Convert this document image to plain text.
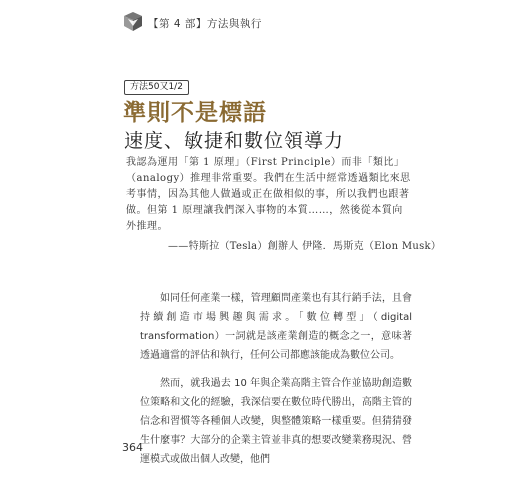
【第 4 部】方法與執行
方法50又1/2
準則不是標語
速度、敏捷和數位領導力
我認為運用「第 1 原理」（First Principle）而非「類比」（analogy）推理非常重要。我們在生活中經常透過類比來思考事情，因為其他人做過或正在做相似的事，所以我們也跟著做。但第 1 原理讓我們深入事物的本質……，然後從本質向外推理。
——特斯拉（Tesla）創辦人 伊隆．馬斯克（Elon Musk）
如同任何產業一樣，管理顧問產業也有其行銷手法，且會持續創造市場興趣與需求。「數位轉型」（digital transformation）一詞就是該產業創造的概念之一，意味著透過適當的評估和執行，任何公司都應該能成為數位公司。
然而，就我過去 10 年與企業高階主管合作並協助創造數位策略和文化的經驗，我深信要在數位時代勝出，高階主管的信念和習慣等各種個人改變，與整體策略一樣重要。但猜猜發生什麼事？大部分的企業主管並非真的想要改變業務現況、營運模式或做出個人改變，他們
364
